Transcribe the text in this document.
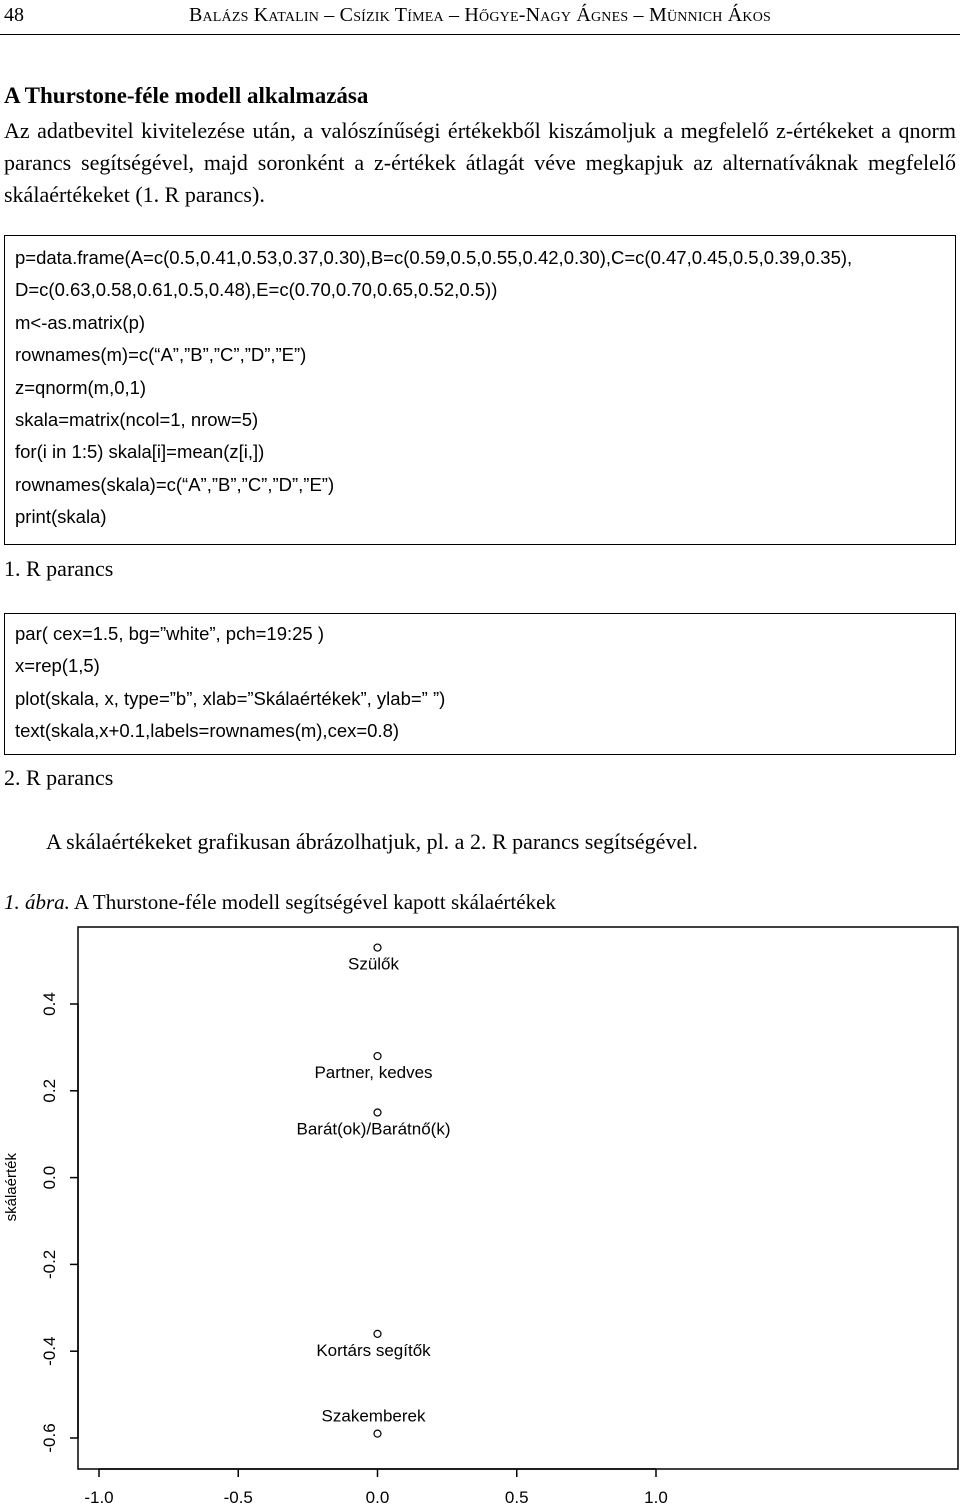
48	Balázs Katalin – Csízik Tímea – Hőgye-Nagy Ágnes – Münnich Ákos
A Thurstone-féle modell alkalmazása
Az adatbevitel kivitelezése után, a valószínűségi értékekből kiszámoljuk a megfelelő z-értékeket a qnorm parancs segítségével, majd soronként a z-értékek átlagát véve megkapjuk az alternatíváknak megfelelő skálaértékeket (1. R parancs).
p=data.frame(A=c(0.5,0.41,0.53,0.37,0.30),B=c(0.59,0.5,0.55,0.42,0.30),C=c(0.47,0.45,0.5,0.39,0.35),
D=c(0.63,0.58,0.61,0.5,0.48),E=c(0.70,0.70,0.65,0.52,0.5))
m<-as.matrix(p)
rownames(m)=c(“A”,”B”,”C”,”D”,”E”)
z=qnorm(m,0,1)
skala=matrix(ncol=1, nrow=5)
for(i in 1:5) skala[i]=mean(z[i,])
rownames(skala)=c(“A”,”B”,”C”,”D”,”E”)
print(skala)
1. R parancs
par( cex=1.5, bg=”white”, pch=19:25 )
x=rep(1,5)
plot(skala, x, type=”b”, xlab=”Skálaértékek”, ylab=” ”)
text(skala,x+0.1,labels=rownames(m),cex=0.8)
2. R parancs
A skálaértékeket grafikusan ábrázolhatjuk, pl. a 2. R parancs segítségével.
1. ábra. A Thurstone-féle modell segítségével kapott skálaértékek
-0.6
-0.4
-0.2
0.0
0.2
0.4
-1.0	-0.5	0.0	0.5	1.0
Szülők
Partner, kedves
Barát(ok)/Barátnő(k)
Kortárs segítők
Szakemberek
skálaérték
